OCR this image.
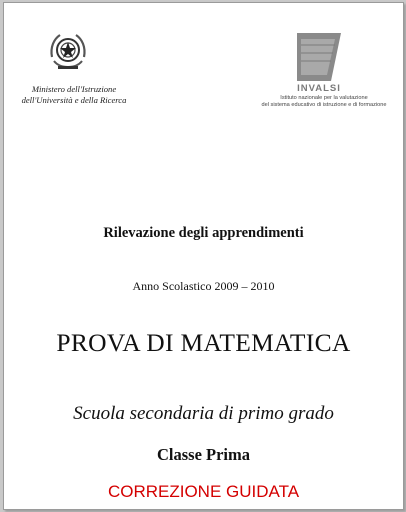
Ministero dell'Istruzione
dell'Università e della Ricerca
INVALSI
Istituto nazionale per la valutazione
del sistema educativo di istruzione e di formazione
Rilevazione degli apprendimenti
Anno Scolastico 2009 – 2010
PROVA DI MATEMATICA
Scuola secondaria di primo grado
Classe Prima
CORREZIONE GUIDATA
